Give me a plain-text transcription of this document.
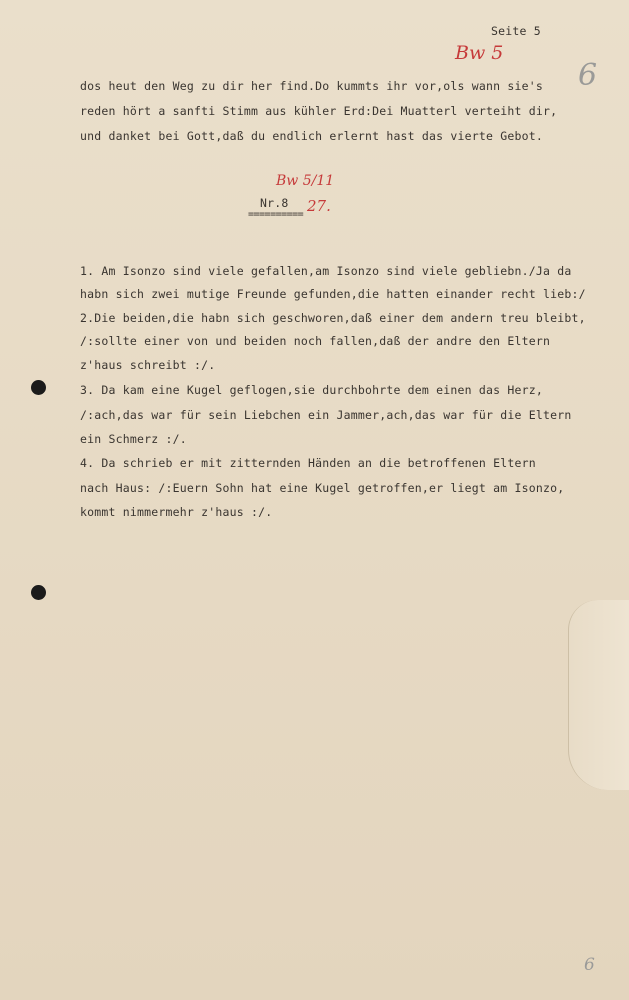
Seite 5
Bw 5
6
dos heut den Weg zu dir her find.Do kummts ihr vor,ols wann sie's
reden hört a sanfti Stimm aus kühler Erd:Dei Muatterl verteiht dir,
und danket bei Gott,daß du endlich erlernt hast das vierte Gebot.
Bw 5/11
Nr.8 27.
==========
1. Am Isonzo sind viele gefallen,am Isonzo sind viele gebliebn./Ja da
habn sich zwei mutige Freunde gefunden,die hatten einander recht lieb:/
2.Die beiden,die habn sich geschworen,daß einer dem andern treu bleibt,
/:sollte einer von und beiden noch fallen,daß der andre den Eltern
z'haus schreibt :/.
3. Da kam eine Kugel geflogen,sie durchbohrte dem einen das Herz,
/:ach,das war für sein Liebchen ein Jammer,ach,das war für die Eltern
ein Schmerz :/.
4. Da schrieb er mit zitternden Händen an die betroffenen Eltern
nach Haus: /:Euern Sohn hat eine Kugel getroffen,er liegt am Isonzo,
kommt nimmermehr z'haus :/.
6
